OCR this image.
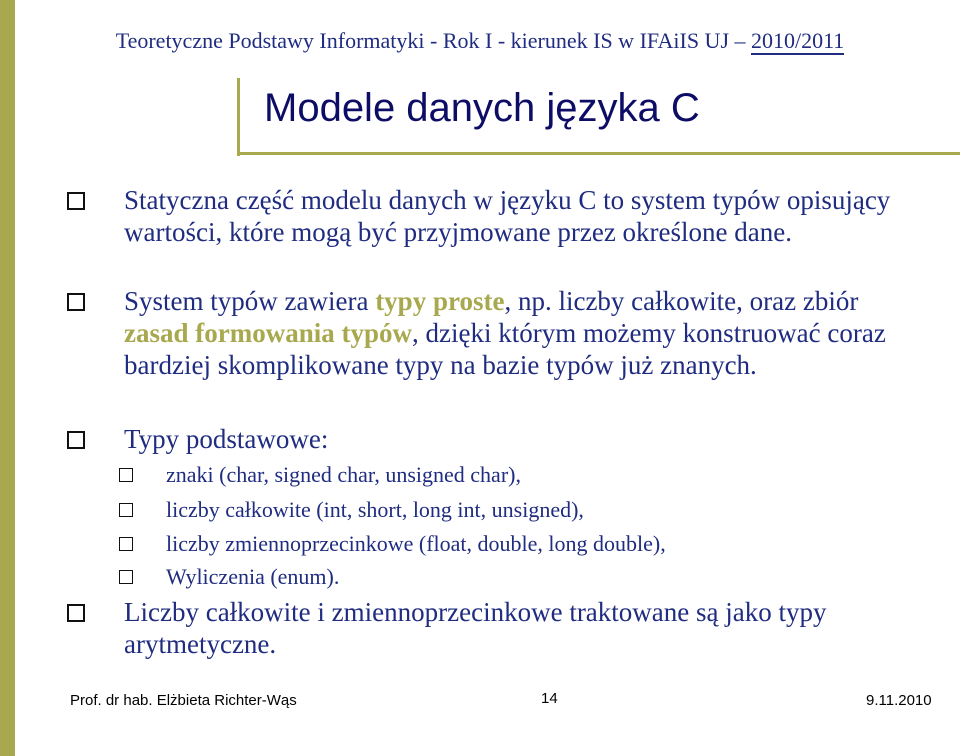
Teoretyczne Podstawy Informatyki - Rok I - kierunek IS w IFAiIS UJ – 2010/2011
Modele danych języka C
Statyczna część modelu danych w języku C to system typów opisujący wartości, które mogą być przyjmowane przez określone dane.
System typów zawiera typy proste, np. liczby całkowite, oraz zbiór zasad formowania typów, dzięki którym możemy konstruować coraz bardziej skomplikowane typy na bazie typów już znanych.
Typy podstawowe:
znaki (char, signed char, unsigned char),
liczby całkowite (int, short, long int, unsigned),
liczby zmiennoprzecinkowe (float, double, long double),
Wyliczenia (enum).
Liczby całkowite i zmiennoprzecinkowe traktowane są jako typy arytmetyczne.
Prof. dr hab. Elżbieta Richter-Wąs	14	9.11.2010
